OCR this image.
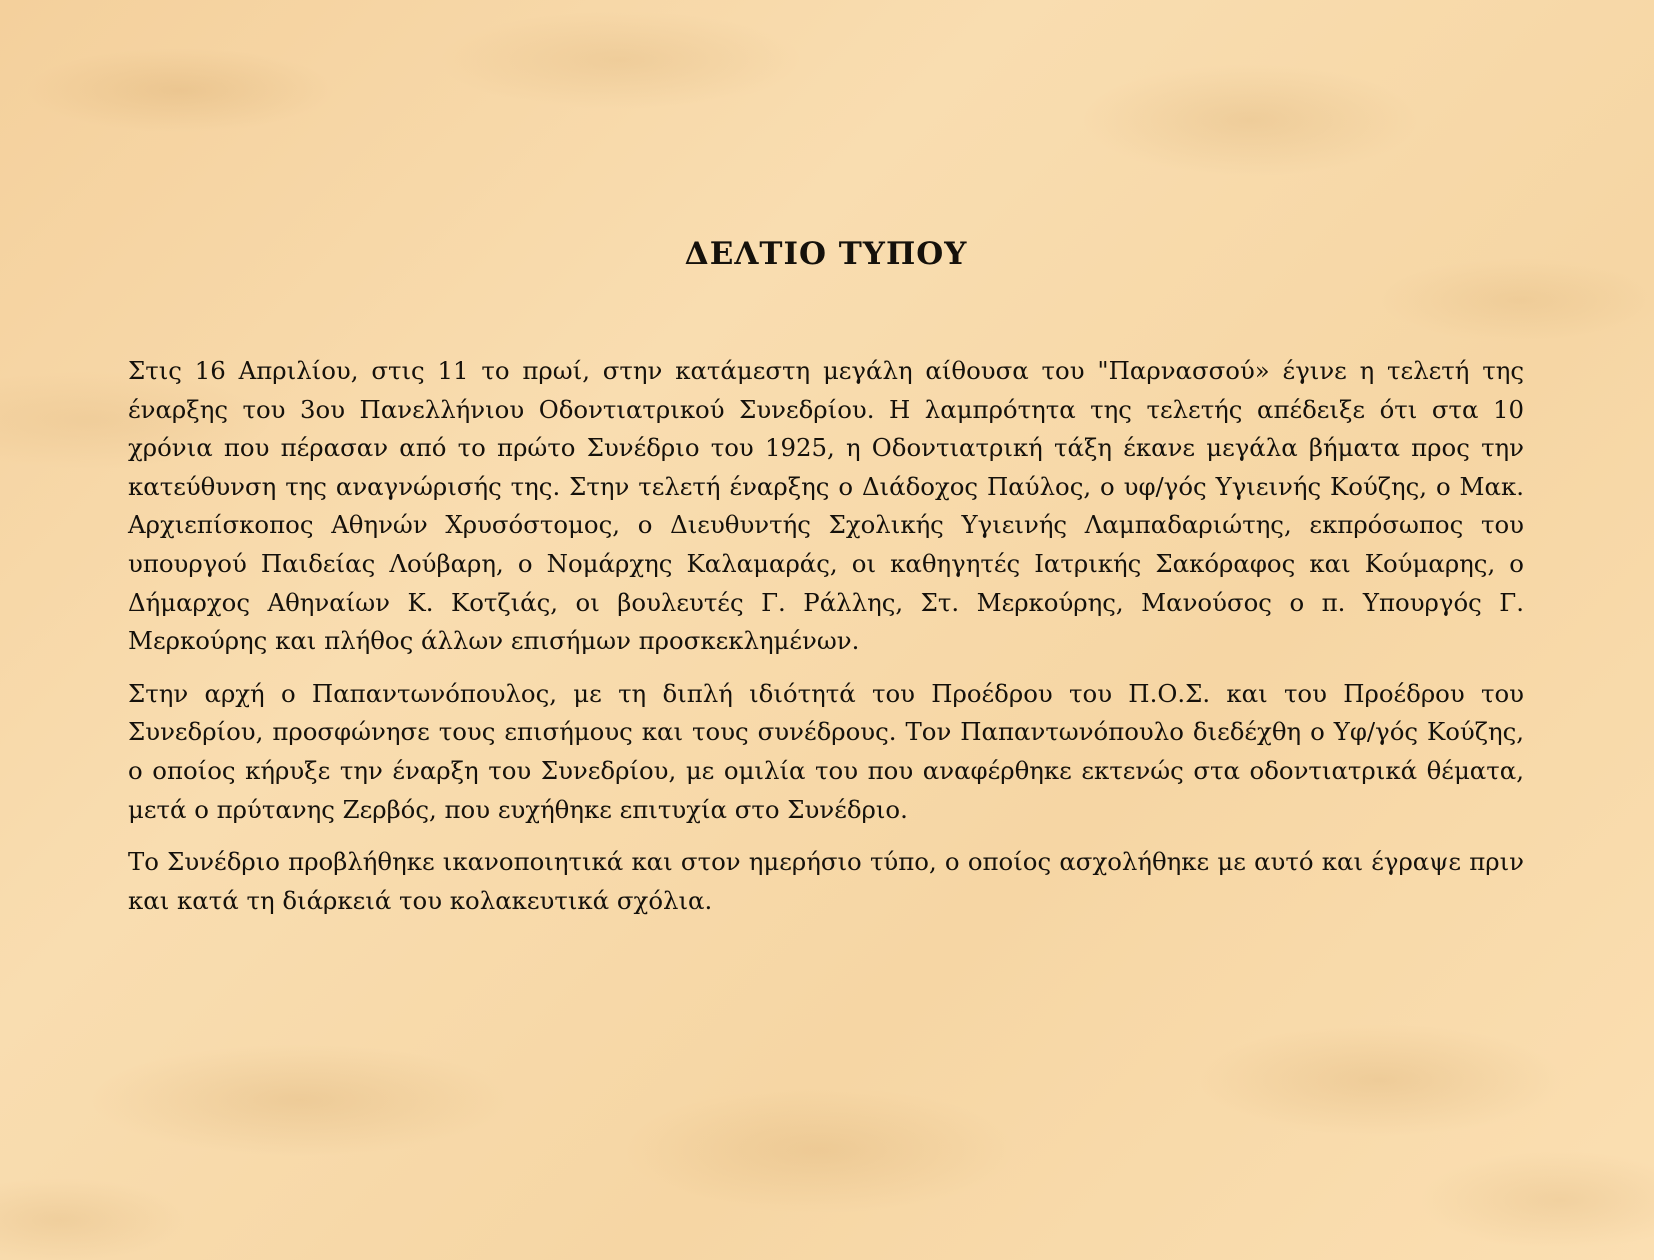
ΔΕΛΤΙΟ ΤΥΠΟΥ

Στις 16 Απριλίου, στις 11 το πρωί, στην κατάμεστη μεγάλη αίθουσα του "Παρνασσού» έγινε η τελετή της έναρξης του 3ου Πανελλήνιου Οδοντιατρικού Συνεδρίου. Η λαμπρότητα της τελετής απέδειξε ότι στα 10 χρόνια που πέρασαν από το πρώτο Συνέδριο του 1925, η Οδοντιατρική τάξη έκανε μεγάλα βήματα προς την κατεύθυνση της αναγνώρισής της. Στην τελετή έναρξης ο Διάδοχος Παύλος, ο υφ/γός Υγιεινής Κούζης, ο Μακ. Αρχιεπίσκοπος Αθηνών Χρυσόστομος, ο Διευθυντής Σχολικής Υγιεινής Λαμπαδαριώτης, εκπρόσωπος του υπουργού Παιδείας Λούβαρη, ο Νομάρχης Καλαμαράς, οι καθηγητές Ιατρικής Σακόραφος και Κούμαρης, ο Δήμαρχος Αθηναίων Κ. Κοτζιάς, οι βουλευτές Γ. Ράλλης, Στ. Μερκούρης, Μανούσος ο π. Υπουργός Γ. Μερκούρης και πλήθος άλλων επισήμων προσκεκλημένων.

Στην αρχή ο Παπαντωνόπουλος, με τη διπλή ιδιότητά του Προέδρου του Π.Ο.Σ. και του Προέδρου του Συνεδρίου, προσφώνησε τους επισήμους και τους συνέδρους. Τον Παπαντωνόπουλο διεδέχθη ο Υφ/γός Κούζης, ο οποίος κήρυξε την έναρξη του Συνεδρίου, με ομιλία του που αναφέρθηκε εκτενώς στα οδοντιατρικά θέματα, μετά ο πρύτανης Ζερβός, που ευχήθηκε επιτυχία στο Συνέδριο.

Το Συνέδριο προβλήθηκε ικανοποιητικά και στον ημερήσιο τύπο, ο οποίος ασχολήθηκε με αυτό και έγραψε πριν και κατά τη διάρκειά του κολακευτικά σχόλια.
